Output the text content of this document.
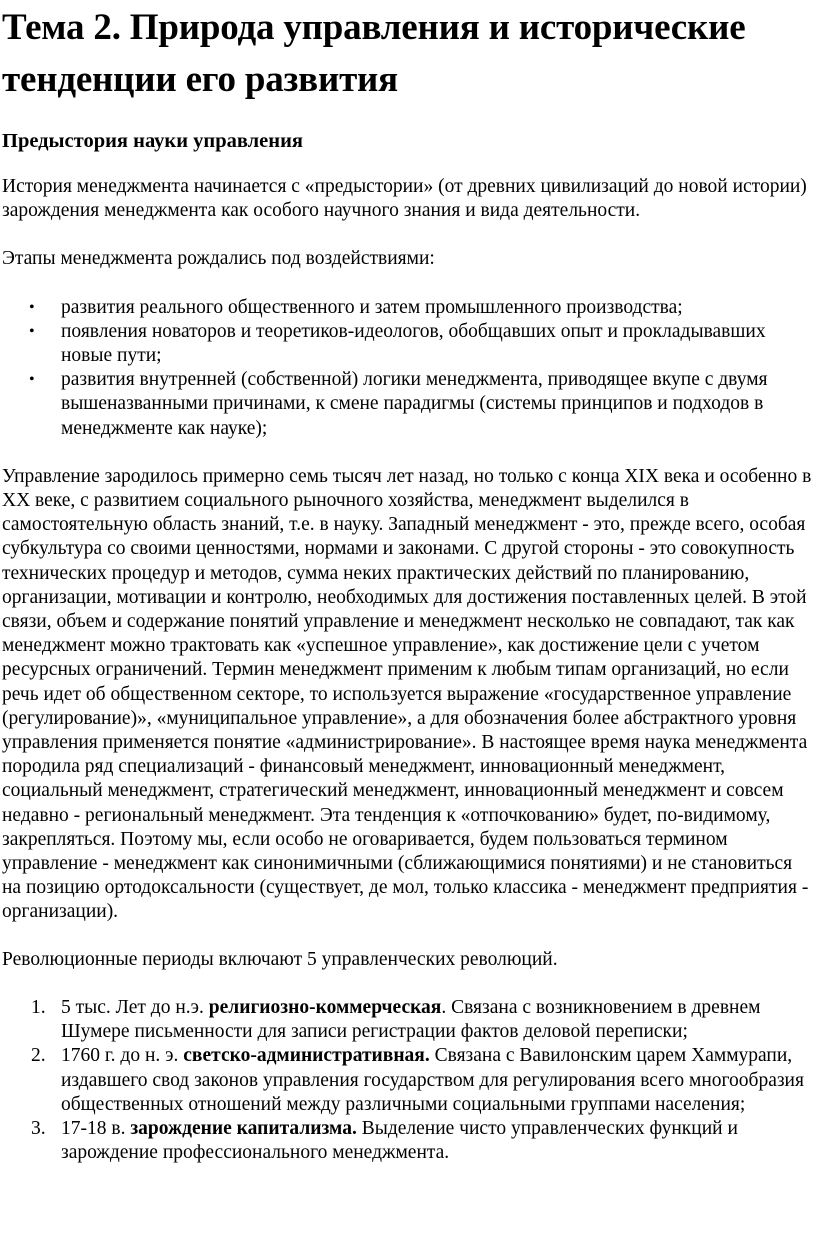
Тема 2. Природа управления и исторические тенденции его развития
Предыстория науки управления

История менеджмента начинается с «предыстории» (от древних цивилизаций до новой истории) зарождения менеджмента как особого научного знания и вида деятельности.

Этапы менеджмента рождались под воздействиями:

• развития реального общественного и затем промышленного производства;
• появления новаторов и теоретиков-идеологов, обобщавших опыт и прокладывавших новые пути;
• развития внутренней (собственной) логики менеджмента, приводящее вкупе с двумя вышеназванными причинами, к смене парадигмы (системы принципов и подходов в менеджменте как науке);

Управление зародилось примерно семь тысяч лет назад, но только с конца XIX века и особенно в XX веке, с развитием социального рыночного хозяйства, менеджмент выделился в самостоятельную область знаний, т.е. в науку. Западный менеджмент - это, прежде всего, особая субкультура со своими ценностями, нормами и законами. С другой стороны - это совокупность технических процедур и методов, сумма неких практических действий по планированию, организации, мотивации и контролю, необходимых для достижения поставленных целей. В этой связи, объем и содержание понятий управление и менеджмент несколько не совпадают, так как менеджмент можно трактовать как «успешное управление», как достижение цели с учетом ресурсных ограничений. Термин менеджмент применим к любым типам организаций, но если речь идет об общественном секторе, то используется выражение «государственное управление (регулирование)», «муниципальное управление», а для обозначения более абстрактного уровня управления применяется понятие «администрирование». В настоящее время наука менеджмента породила ряд специализаций - финансовый менеджмент, инновационный менеджмент, социальный менеджмент, стратегический менеджмент, инновационный менеджмент и совсем недавно - региональный менеджмент. Эта тенденция к «отпочкованию» будет, по-видимому, закрепляться. Поэтому мы, если особо не оговаривается, будем пользоваться термином управление - менеджмент как синонимичными (сближающимися понятиями) и не становиться на позицию ортодоксальности (существует, де мол, только классика - менеджмент предприятия - организации).

Революционные периоды включают 5 управленческих революций.

1. 5 тыс. Лет до н.э. религиозно-коммерческая. Связана с возникновением в древнем Шумере письменности для записи регистрации фактов деловой переписки;
2. 1760 г. до н. э. светско-административная. Связана с Вавилонским царем Хаммурапи, издавшего свод законов управления государством для регулирования всего многообразия общественных отношений между различными социальными группами населения;
3. 17-18 в. зарождение капитализма. Выделение чисто управленческих функций и зарождение профессионального менеджмента.
